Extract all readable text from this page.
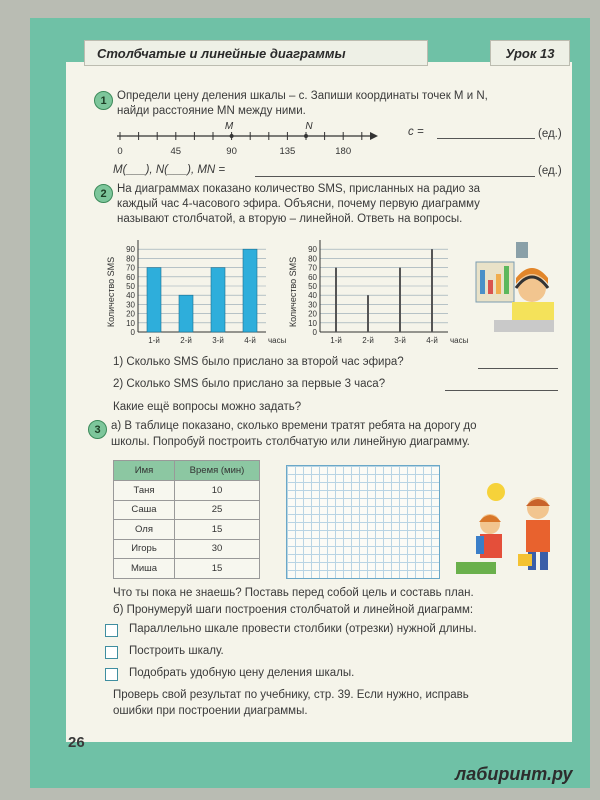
Столбчатые и линейные диаграммы	Урок 13
1 Определи цену деления шкалы – с. Запиши координаты точек M и N,
найди расстояние MN между ними.
0	45	90	135	180
M	N	с =	(ед.)
M(___), N(___), MN =	(ед.)
2 На диаграммах показано количество SMS, присланных на радио за
каждый час 4-часового эфира. Объясни, почему первую диаграмму
называют столбчатой, а вторую – линейной. Ответь на вопросы.
Количество SMS
0
10
20
30
40
50
60
70
80
90
1-й	2-й	3-й	4-й часы
Количество SMS
0
10
20
30
40
50
60
70
80
90
1-й	2-й	3-й	4-й часы
1) Сколько SMS было прислано за второй час эфира?
2) Сколько SMS было прислано за первые 3 часа?
Какие ещё вопросы можно задать?
3 а) В таблице показано, сколько времени тратят ребята на дорогу до
школы. Попробуй построить столбчатую или линейную диаграмму.
Имя	Время (мин)
Таня	10
Саша	25
Оля	15
Игорь	30
Миша	15
Что ты пока не знаешь? Поставь перед собой цель и составь план.
б) Пронумеруй шаги построения столбчатой и линейной диаграмм:
Параллельно шкале провести столбики (отрезки) нужной длины.
Построить шкалу.
Подобрать удобную цену деления шкалы.
Проверь свой результат по учебнику, стр. 39. Если нужно, исправь
ошибки при построении диаграммы.
26
лабиринт.ру
